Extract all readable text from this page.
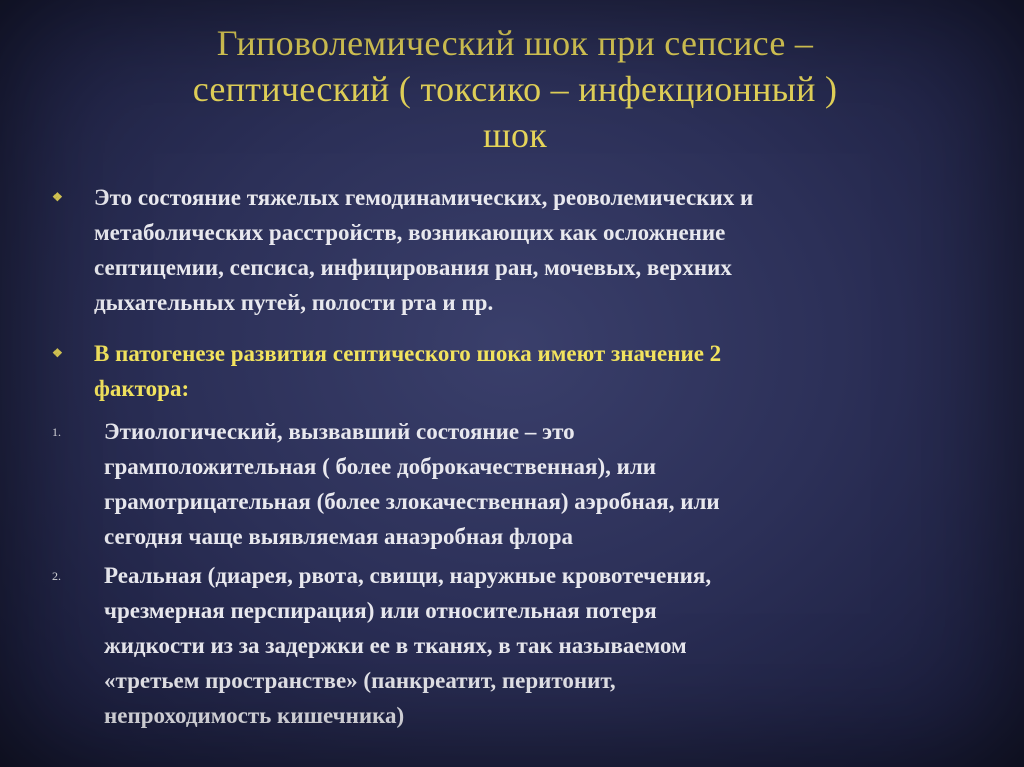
Гиповолемический шок при сепсисе –
септический ( токсико – инфекционный )
шок
❖ Это состояние тяжелых гемодинамических, реоволемических и
метаболических расстройств, возникающих как осложнение
септицемии, сепсиса, инфицирования ран, мочевых, верхних
дыхательных путей, полости рта и пр.
❖ В патогенезе развития септического шока имеют значение 2
фактора:
1. Этиологический, вызвавший состояние – это
грамположительная ( более доброкачественная), или
грамотрицательная (более злокачественная) аэробная, или
сегодня чаще выявляемая анаэробная флора
2. Реальная (диарея, рвота, свищи, наружные кровотечения,
чрезмерная перспирация) или относительная потеря
жидкости из за задержки ее в тканях, в так называемом
«третьем пространстве» (панкреатит, перитонит,
непроходимость кишечника)
